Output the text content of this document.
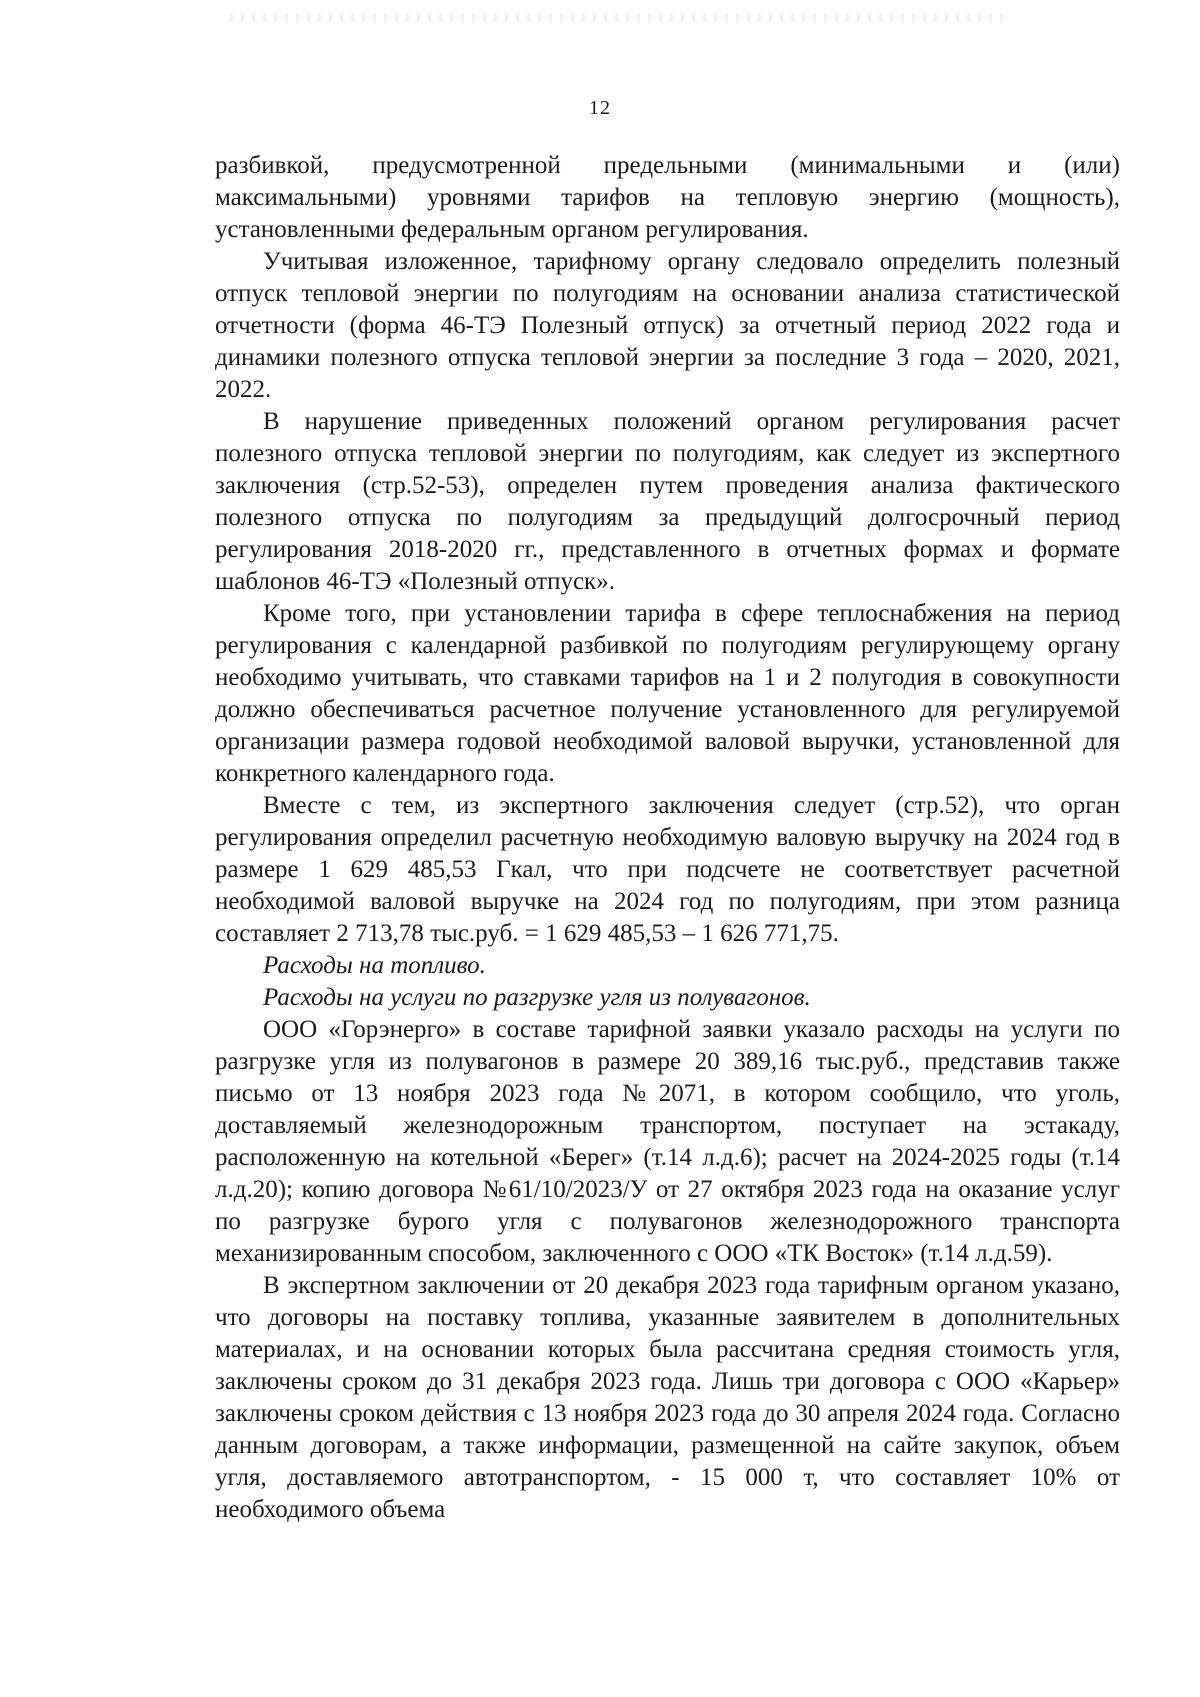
12

разбивкой, предусмотренной предельными (минимальными и (или) максимальными) уровнями тарифов на тепловую энергию (мощность), установленными федеральным органом регулирования.

Учитывая изложенное, тарифному органу следовало определить полезный отпуск тепловой энергии по полугодиям на основании анализа статистической отчетности (форма 46-ТЭ Полезный отпуск) за отчетный период 2022 года и динамики полезного отпуска тепловой энергии за последние 3 года – 2020, 2021, 2022.

В нарушение приведенных положений органом регулирования расчет полезного отпуска тепловой энергии по полугодиям, как следует из экспертного заключения (стр.52-53), определен путем проведения анализа фактического полезного отпуска по полугодиям за предыдущий долгосрочный период регулирования 2018-2020 гг., представленного в отчетных формах и формате шаблонов 46-ТЭ «Полезный отпуск».

Кроме того, при установлении тарифа в сфере теплоснабжения на период регулирования с календарной разбивкой по полугодиям регулирующему органу необходимо учитывать, что ставками тарифов на 1 и 2 полугодия в совокупности должно обеспечиваться расчетное получение установленного для регулируемой организации размера годовой необходимой валовой выручки, установленной для конкретного календарного года.

Вместе с тем, из экспертного заключения следует (стр.52), что орган регулирования определил расчетную необходимую валовую выручку на 2024 год в размере 1 629 485,53 Гкал, что при подсчете не соответствует расчетной необходимой валовой выручке на 2024 год по полугодиям, при этом разница составляет 2 713,78 тыс.руб. = 1 629 485,53 – 1 626 771,75.

Расходы на топливо.

Расходы на услуги по разгрузке угля из полувагонов.

ООО «Горэнерго» в составе тарифной заявки указало расходы на услуги по разгрузке угля из полувагонов в размере 20 389,16 тыс.руб., представив также письмо от 13 ноября 2023 года №2071, в котором сообщило, что уголь, доставляемый железнодорожным транспортом, поступает на эстакаду, расположенную на котельной «Берег» (т.14 л.д.6); расчет на 2024-2025 годы (т.14 л.д.20); копию договора №61/10/2023/У от 27 октября 2023 года на оказание услуг по разгрузке бурого угля с полувагонов железнодорожного транспорта механизированным способом, заключенного с ООО «ТК Восток» (т.14 л.д.59).

В экспертном заключении от 20 декабря 2023 года тарифным органом указано, что договоры на поставку топлива, указанные заявителем в дополнительных материалах, и на основании которых была рассчитана средняя стоимость угля, заключены сроком до 31 декабря 2023 года. Лишь три договора с ООО «Карьер» заключены сроком действия с 13 ноября 2023 года до 30 апреля 2024 года. Согласно данным договорам, а также информации, размещенной на сайте закупок, объем угля, доставляемого автотранспортом, - 15 000 т, что составляет 10% от необходимого объема
